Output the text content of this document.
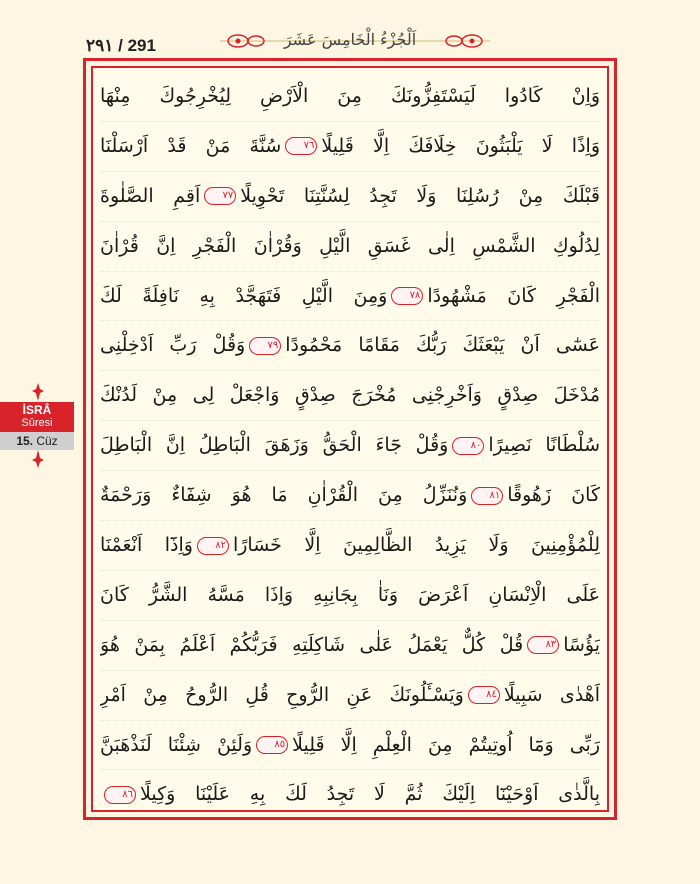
٢٩١ / 291	اَلْجُزْءُ الْخَامِسَ عَشَرَ
وَاِنْ كَادُوا لَيَسْتَفِزُّونَكَ مِنَ الْاَرْضِ لِيُخْرِجُوكَ مِنْهَا
وَاِذًا لَا يَلْبَثُونَ خِلَافَكَ اِلَّا قَلِيلًا٧٦سُنَّةَ مَنْ قَدْ اَرْسَلْنَا
قَبْلَكَ مِنْ رُسُلِنَا وَلَا تَجِدُ لِسُنَّتِنَا تَحْوِيلًا٧٧اَقِمِ الصَّلٰوةَ
لِدُلُوكِ الشَّمْسِ اِلٰى غَسَقِ الَّيْلِ وَقُرْاٰنَ الْفَجْرِ اِنَّ قُرْاٰنَ
الْفَجْرِ كَانَ مَشْهُودًا٧٨وَمِنَ الَّيْلِ فَتَهَجَّدْ بِهِ نَافِلَةً لَكَ
عَسٰٓى اَنْ يَبْعَثَكَ رَبُّكَ مَقَامًا مَحْمُودًا٧٩وَقُلْ رَبِّ اَدْخِلْنِى
مُدْخَلَ صِدْقٍ وَاَخْرِجْنِى مُخْرَجَ صِدْقٍ وَاجْعَلْ لِى مِنْ لَدُنْكَ
سُلْطَانًا نَصِيرًا٨٠وَقُلْ جَٓاءَ الْحَقُّ وَزَهَقَ الْبَاطِلُ اِنَّ الْبَاطِلَ
كَانَ زَهُوقًا٨١وَنُنَزِّلُ مِنَ الْقُرْاٰنِ مَا هُوَ شِفَٓاءٌ وَرَحْمَةٌ
لِلْمُؤْمِنِينَ وَلَا يَزِيدُ الظَّالِمِينَ اِلَّا خَسَارًا٨٢وَاِذَٓا اَنْعَمْنَا
عَلَى الْاِنْسَانِ اَعْرَضَ وَنَاٰ بِجَانِبِهِ وَاِذَا مَسَّهُ الشَّرُّ كَانَ
يَؤُسًا٨٣قُلْ كُلٌّ يَعْمَلُ عَلٰى شَاكِلَتِهِ فَرَبُّكُمْ اَعْلَمُ بِمَنْ هُوَ
اَهْدٰى سَبِيلًا٨٤وَيَسْـَٔلُونَكَ عَنِ الرُّوحِ قُلِ الرُّوحُ مِنْ اَمْرِ
رَبِّى وَمَٓا اُوتِيتُمْ مِنَ الْعِلْمِ اِلَّا قَلِيلًا٨٥وَلَئِنْ شِئْنَا لَنَذْهَبَنَّ
بِالَّذٰى اَوْحَيْنَٓا اِلَيْكَ ثُمَّ لَا تَجِدُ لَكَ بِهِ عَلَيْنَا وَكِيلًا٨٦
İSRÂ
Sûresi
15. Cüz
